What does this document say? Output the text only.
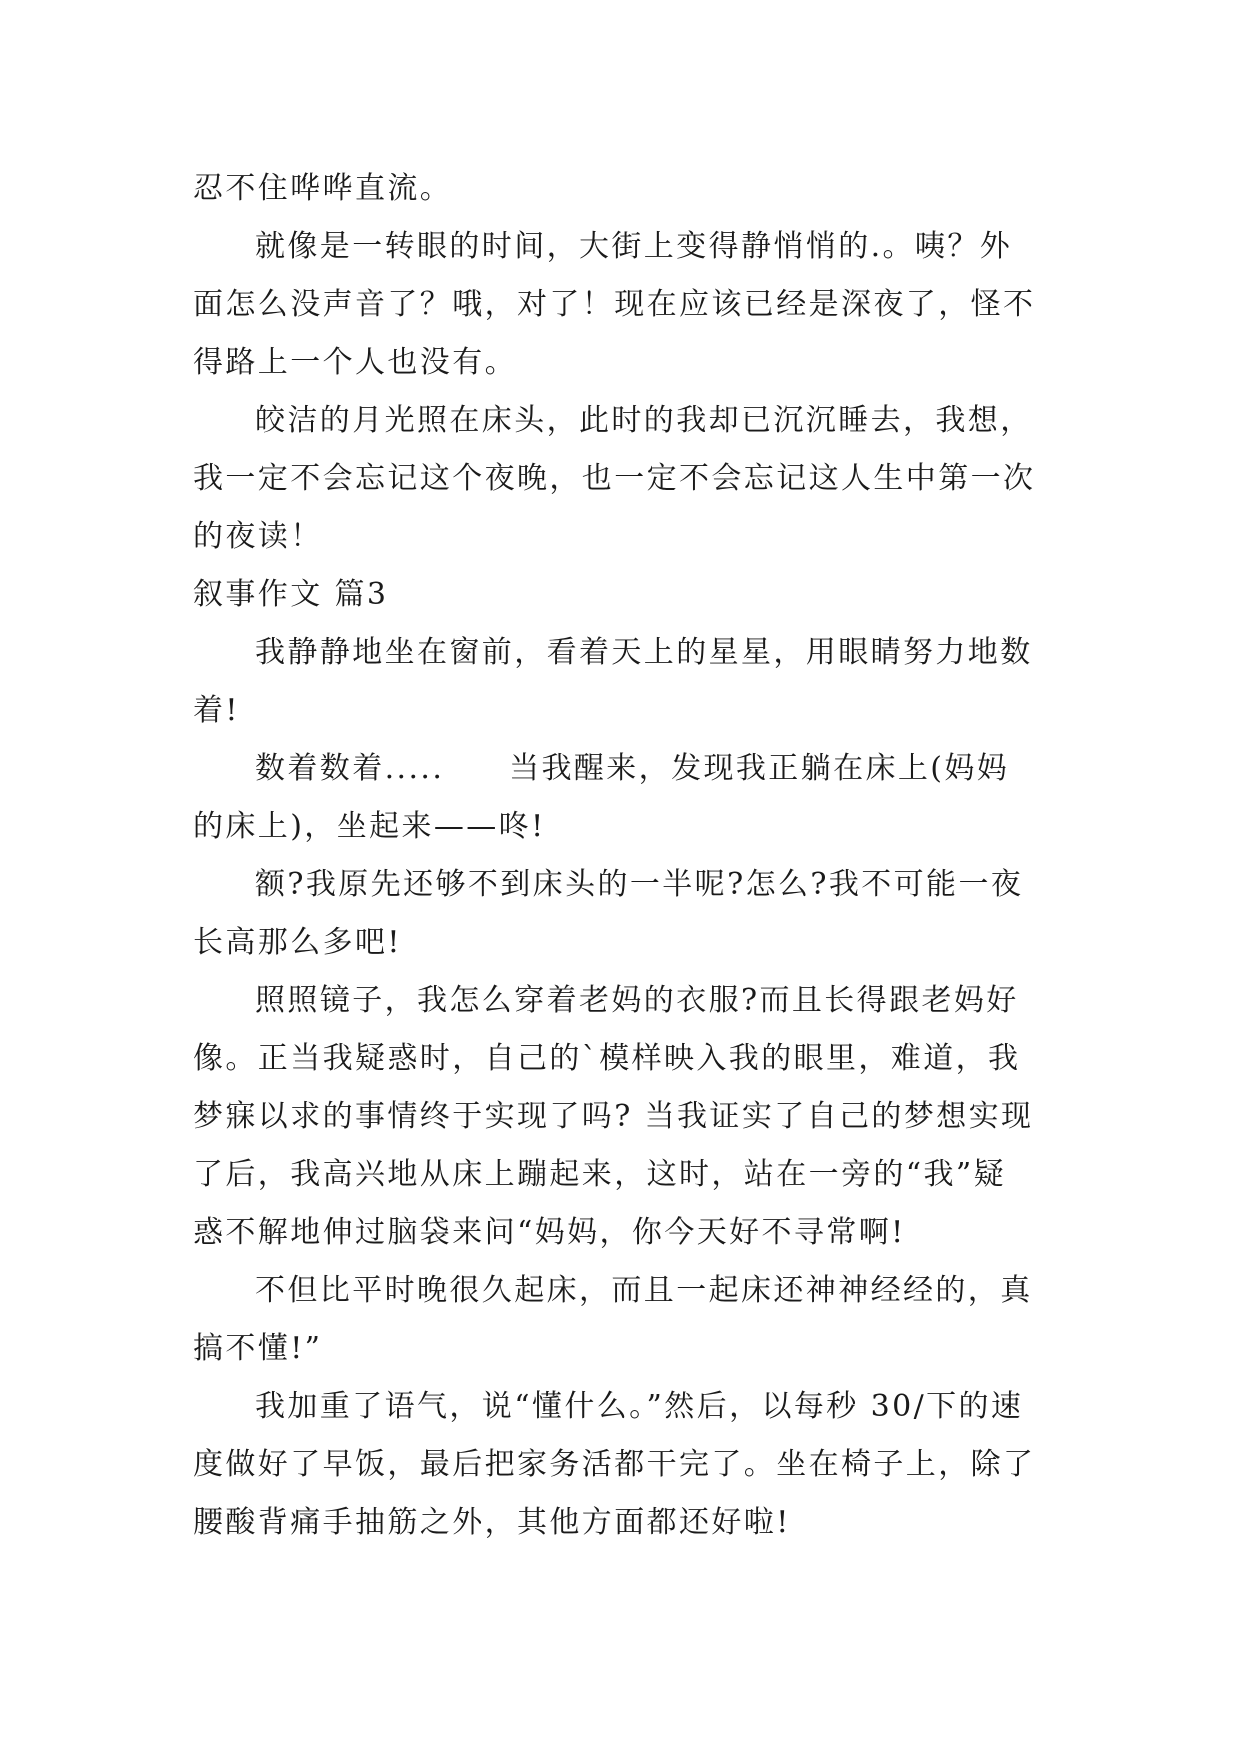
忍不住哗哗直流。
就像是一转眼的时间，大街上变得静悄悄的.。咦？外
面怎么没声音了？哦，对了！现在应该已经是深夜了，怪不
得路上一个人也没有。
皎洁的月光照在床头，此时的我却已沉沉睡去，我想，
我一定不会忘记这个夜晚，也一定不会忘记这人生中第一次
的夜读！
叙事作文 篇3
我静静地坐在窗前，看着天上的星星，用眼睛努力地数
着!
数着数着.....　　当我醒来，发现我正躺在床上(妈妈
的床上)，坐起来——咚!
额?我原先还够不到床头的一半呢?怎么?我不可能一夜
长高那么多吧!
照照镜子，我怎么穿着老妈的衣服?而且长得跟老妈好
像。正当我疑惑时，自己的`模样映入我的眼里，难道，我
梦寐以求的事情终于实现了吗? 当我证实了自己的梦想实现
了后，我高兴地从床上蹦起来，这时，站在一旁的“我”疑
惑不解地伸过脑袋来问“妈妈，你今天好不寻常啊!
不但比平时晚很久起床，而且一起床还神神经经的，真
搞不懂!”
我加重了语气，说“懂什么。”然后，以每秒 30/下的速
度做好了早饭，最后把家务活都干完了。坐在椅子上，除了
腰酸背痛手抽筋之外，其他方面都还好啦!
